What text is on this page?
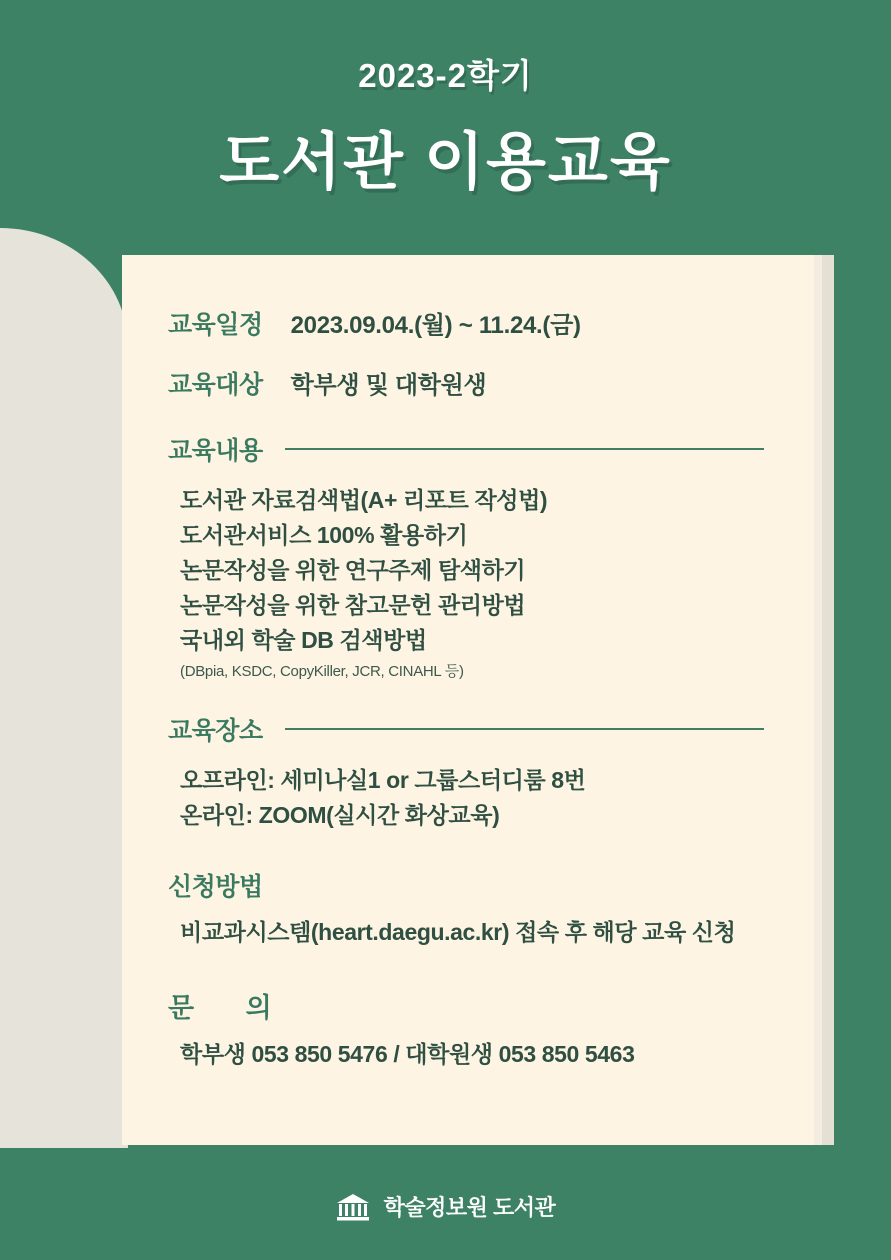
2023-2학기
도서관 이용교육
교육일정 2023.09.04.(월) ~ 11.24.(금)
교육대상 학부생 및 대학원생
교육내용
도서관 자료검색법(A+ 리포트 작성법)
도서관서비스 100% 활용하기
논문작성을 위한 연구주제 탐색하기
논문작성을 위한 참고문헌 관리방법
국내외 학술 DB 검색방법
(DBpia, KSDC, CopyKiller, JCR, CINAHL 등)
교육장소
오프라인: 세미나실1 or 그룹스터디룸 8번
온라인: ZOOM(실시간 화상교육)
신청방법
비교과시스템(heart.daegu.ac.kr) 접속 후 해당 교육 신청
문 의
학부생 053 850 5476 / 대학원생 053 850 5463
학술정보원 도서관
